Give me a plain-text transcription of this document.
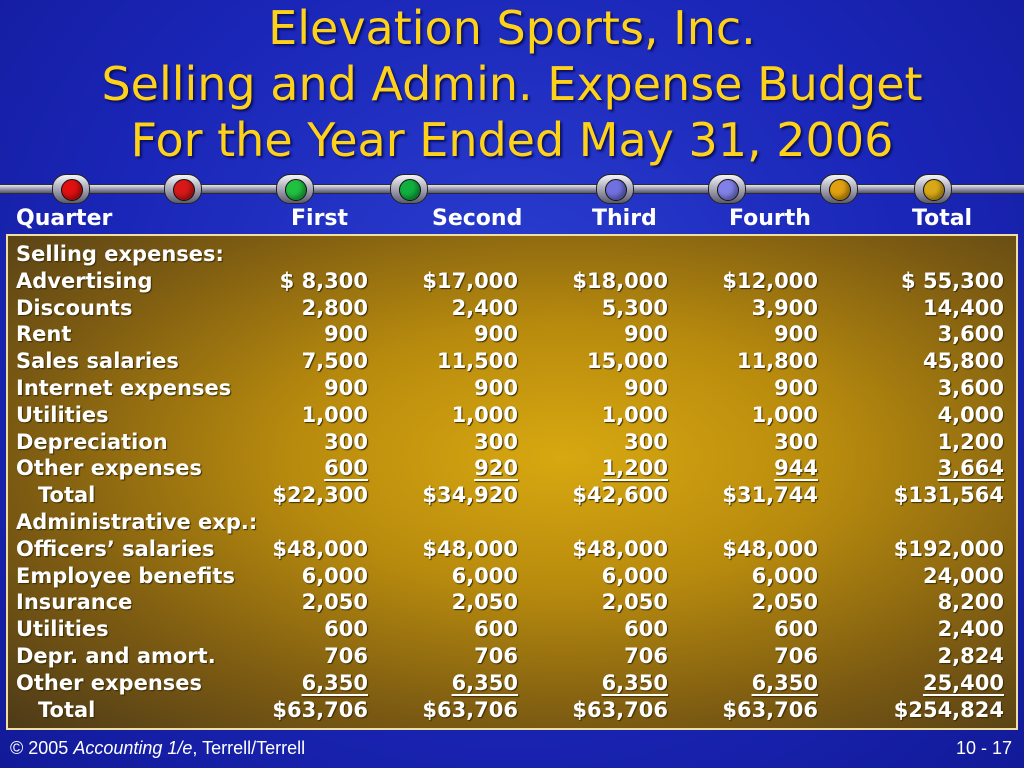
Elevation Sports, Inc.
Selling and Admin. Expense Budget
For the Year Ended May 31, 2006
Quarter	First	Second	Third	Fourth	Total
Selling expenses:
Advertising	$ 8,300	$17,000	$18,000	$12,000	$ 55,300
Discounts	2,800	2,400	5,300	3,900	14,400
Rent	900	900	900	900	3,600
Sales salaries	7,500	11,500	15,000	11,800	45,800
Internet expenses	900	900	900	900	3,600
Utilities	1,000	1,000	1,000	1,000	4,000
Depreciation	300	300	300	300	1,200
Other expenses	600	920	1,200	944	3,664
Total	$22,300	$34,920	$42,600	$31,744	$131,564
Administrative exp.:
Officers’ salaries	$48,000	$48,000	$48,000	$48,000	$192,000
Employee benefits	6,000	6,000	6,000	6,000	24,000
Insurance	2,050	2,050	2,050	2,050	8,200
Utilities	600	600	600	600	2,400
Depr. and amort.	706	706	706	706	2,824
Other expenses	6,350	6,350	6,350	6,350	25,400
Total	$63,706	$63,706	$63,706	$63,706	$254,824
© 2005 Accounting 1/e, Terrell/Terrell	10 - 17
